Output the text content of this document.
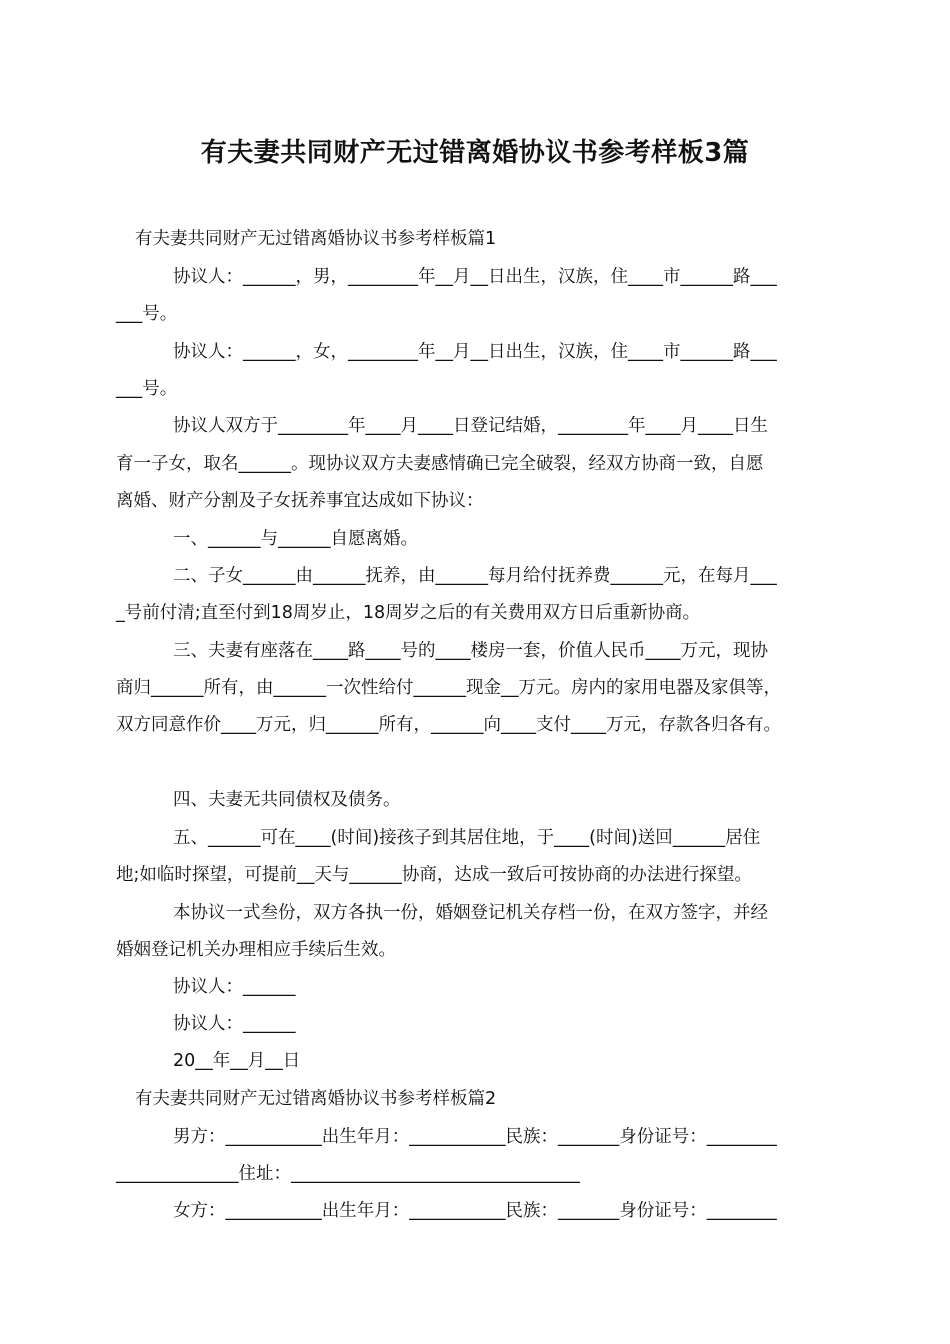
有夫妻共同财产无过错离婚协议书参考样板3篇

有夫妻共同财产无过错离婚协议书参考样板篇1

协议人：______，男，________年__月__日出生，汉族，住____市______路___

___号。

协议人：______，女，________年__月__日出生，汉族，住____市______路___

___号。

协议人双方于________年____月____日登记结婚，________年____月____日生

育一子女，取名______。现协议双方夫妻感情确已完全破裂，经双方协商一致，自愿

离婚、财产分割及子女抚养事宜达成如下协议：

一、______与______自愿离婚。

二、子女______由______抚养，由______每月给付抚养费______元，在每月___

_号前付清;直至付到18周岁止，18周岁之后的有关费用双方日后重新协商。

三、夫妻有座落在____路____号的____楼房一套，价值人民币____万元，现协

商归______所有，由______一次性给付______现金__万元。房内的家用电器及家俱等，

双方同意作价____万元，归______所有，______向____支付____万元，存款各归各有。

四、夫妻无共同债权及债务。

五、______可在____(时间)接孩子到其居住地，于____(时间)送回______居住

地;如临时探望，可提前__天与______协商，达成一致后可按协商的办法进行探望。

本协议一式叁份，双方各执一份，婚姻登记机关存档一份，在双方签字，并经

婚姻登记机关办理相应手续后生效。

协议人：______

协议人：______

20__年__月__日

有夫妻共同财产无过错离婚协议书参考样板篇2

男方：___________出生年月：___________民族：_______身份证号：________

______________住址：_________________________________

女方：___________出生年月：___________民族：_______身份证号：________
